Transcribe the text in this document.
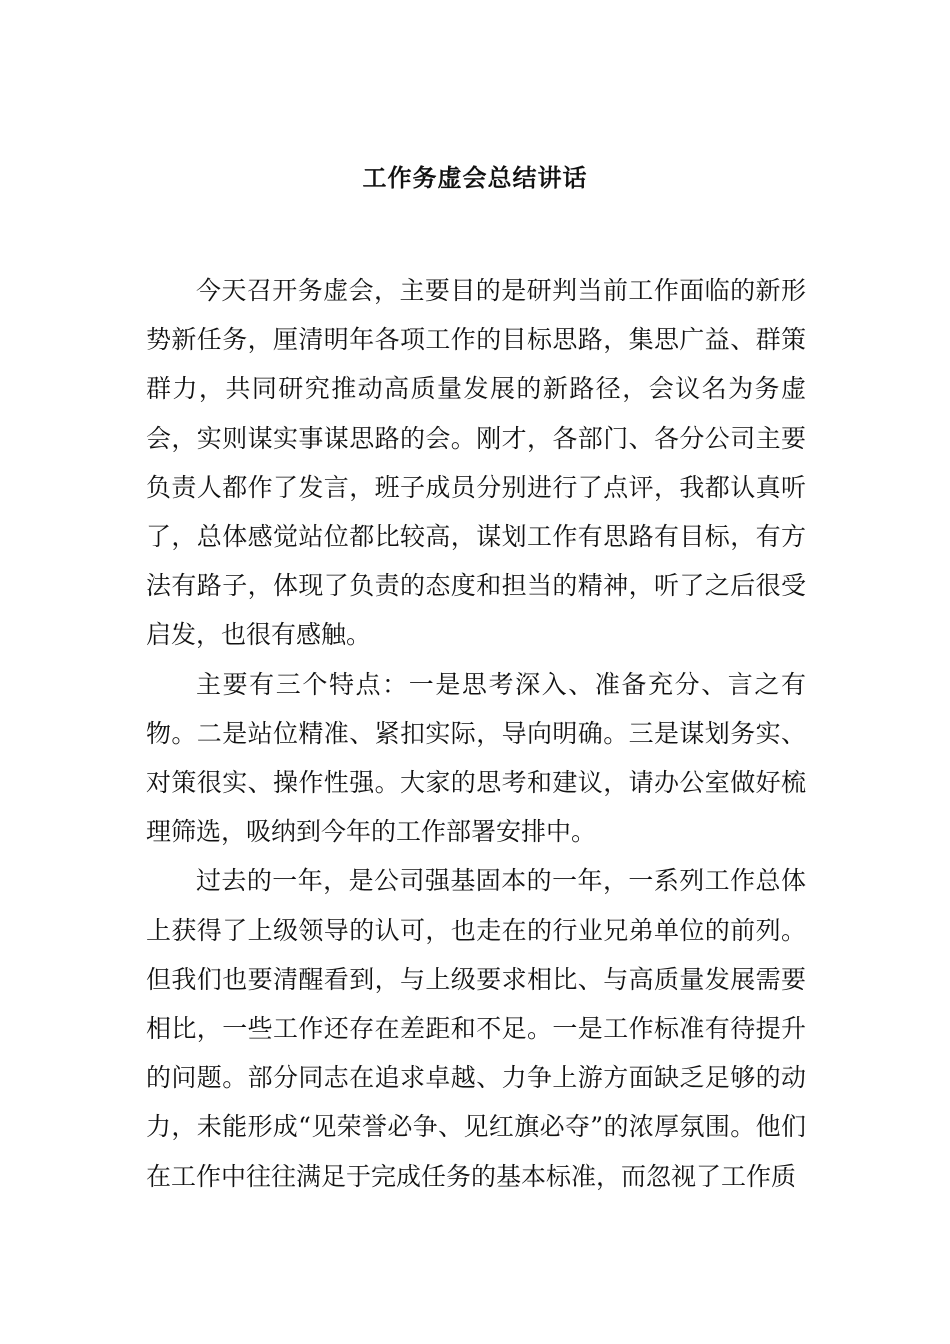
工作务虚会总结讲话

今天召开务虚会，主要目的是研判当前工作面临的新形势新任务，厘清明年各项工作的目标思路，集思广益、群策群力，共同研究推动高质量发展的新路径，会议名为务虚会，实则谋实事谋思路的会。刚才，各部门、各分公司主要负责人都作了发言，班子成员分别进行了点评，我都认真听了，总体感觉站位都比较高，谋划工作有思路有目标，有方法有路子，体现了负责的态度和担当的精神，听了之后很受启发，也很有感触。

主要有三个特点：一是思考深入、准备充分、言之有物。二是站位精准、紧扣实际，导向明确。三是谋划务实、对策很实、操作性强。大家的思考和建议，请办公室做好梳理筛选，吸纳到今年的工作部署安排中。

过去的一年，是公司强基固本的一年，一系列工作总体上获得了上级领导的认可，也走在的行业兄弟单位的前列。但我们也要清醒看到，与上级要求相比、与高质量发展需要相比，一些工作还存在差距和不足。一是工作标准有待提升的问题。部分同志在追求卓越、力争上游方面缺乏足够的动力，未能形成“见荣誉必争、见红旗必夺”的浓厚氛围。他们在工作中往往满足于完成任务的基本标准，而忽视了工作质
